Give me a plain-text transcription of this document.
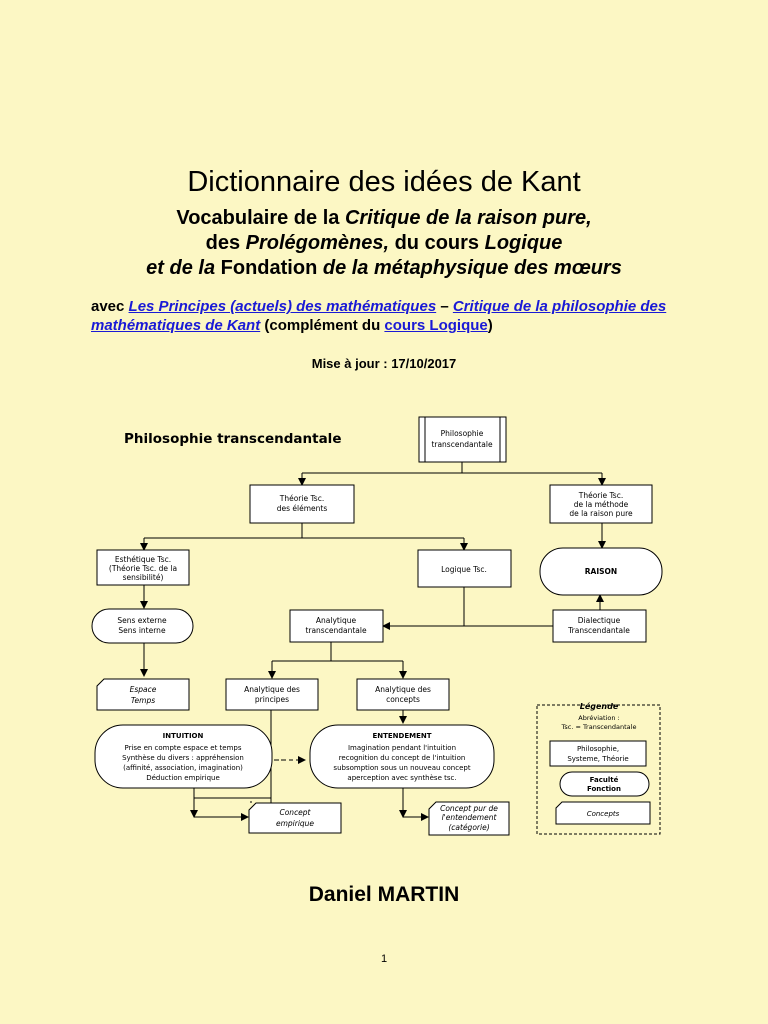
Dictionnaire des idées de Kant
Vocabulaire de la Critique de la raison pure,
des Prolégomènes, du cours Logique
et de la Fondation de la métaphysique des mœurs
avec Les Principes (actuels) des mathématiques – Critique de la philosophie des mathématiques de Kant (complément du cours Logique)
Mise à jour : 17/10/2017
Philosophie transcendantale	Philosophie
transcendantale
Théorie Tsc.
des éléments
Théorie Tsc.
de la méthode
de la raison pure
Esthétique Tsc.
(Théorie Tsc. de la
sensibilité)
Logique Tsc.	RAISON
Sens externe
Sens interne
Analytique
transcendantale
Dialectique
Transcendantale
Espace
Temps
Analytique des
principes
Analytique des
concepts
INTUITION
Prise en compte espace et temps
Synthèse du divers : appréhension
(affinité, association, imagination)
Déduction empirique
ENTENDEMENT
Imagination pendant l'intuition
recognition du concept de l'intuition
subsomption sous un nouveau concept
aperception avec synthèse tsc.
Concept
empirique
Concept pur de
l'entendement
(catégorie)
Légende
Abréviation :
Tsc. = Transcendantale
Philosophie,
Systeme, Théorie
Faculté
Fonction
Concepts
Daniel MARTIN
1
